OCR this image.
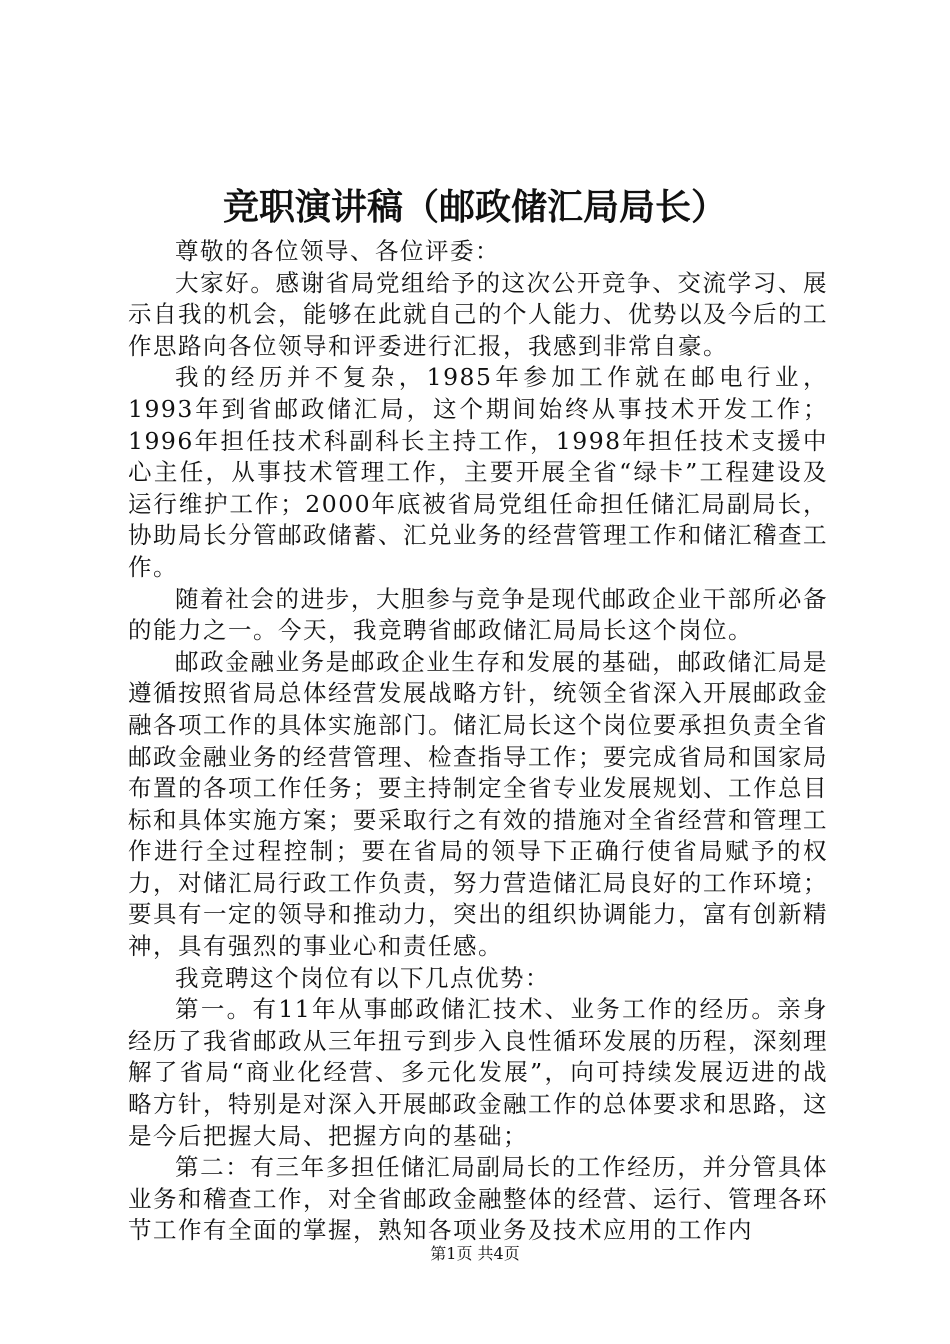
竞职演讲稿（邮政储汇局局长）

尊敬的各位领导、各位评委：

大家好。感谢省局党组给予的这次公开竞争、交流学习、展示自我的机会，能够在此就自己的个人能力、优势以及今后的工作思路向各位领导和评委进行汇报，我感到非常自豪。

我的经历并不复杂，1985年参加工作就在邮电行业，1993年到省邮政储汇局，这个期间始终从事技术开发工作；1996年担任技术科副科长主持工作，1998年担任技术支援中心主任，从事技术管理工作，主要开展全省“绿卡”工程建设及运行维护工作；2000年底被省局党组任命担任储汇局副局长，协助局长分管邮政储蓄、汇兑业务的经营管理工作和储汇稽查工作。

随着社会的进步，大胆参与竞争是现代邮政企业干部所必备的能力之一。今天，我竞聘省邮政储汇局局长这个岗位。

邮政金融业务是邮政企业生存和发展的基础，邮政储汇局是遵循按照省局总体经营发展战略方针，统领全省深入开展邮政金融各项工作的具体实施部门。储汇局长这个岗位要承担负责全省邮政金融业务的经营管理、检查指导工作；要完成省局和国家局布置的各项工作任务；要主持制定全省专业发展规划、工作总目标和具体实施方案；要采取行之有效的措施对全省经营和管理工作进行全过程控制；要在省局的领导下正确行使省局赋予的权力，对储汇局行政工作负责，努力营造储汇局良好的工作环境；要具有一定的领导和推动力，突出的组织协调能力，富有创新精神，具有强烈的事业心和责任感。

我竞聘这个岗位有以下几点优势：

第一。有11年从事邮政储汇技术、业务工作的经历。亲身经历了我省邮政从三年扭亏到步入良性循环发展的历程，深刻理解了省局“商业化经营、多元化发展”，向可持续发展迈进的战略方针，特别是对深入开展邮政金融工作的总体要求和思路，这是今后把握大局、把握方向的基础；

第二：有三年多担任储汇局副局长的工作经历，并分管具体业务和稽查工作，对全省邮政金融整体的经营、运行、管理各环节工作有全面的掌握，熟知各项业务及技术应用的工作内

第1页 共4页
